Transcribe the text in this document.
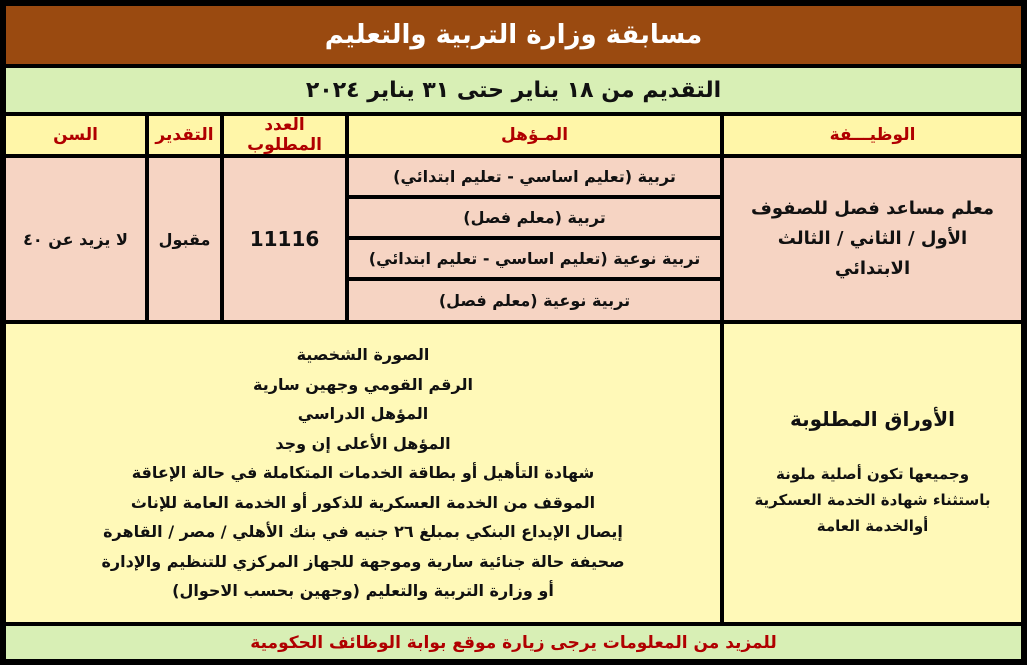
مسابقة وزارة التربية والتعليم
التقديم من ١٨ يناير حتى ٣١ يناير ٢٠٢٤
الوظيـــفة
المـؤهل
العدد المطلوب
التقدير
السن
معلم مساعد فصل للصفوف الأول / الثاني / الثالث الابتدائي
تربية (تعليم اساسي - تعليم ابتدائي)
تربية (معلم فصل)
تربية نوعية (تعليم اساسي - تعليم ابتدائي)
تربية نوعية (معلم فصل)
11116
مقبول
لا يزيد عن ٤٠
الأوراق المطلوبة
وجميعها تكون أصلية ملونة
باستثناء شهادة الخدمة العسكرية
أوالخدمة العامة
الصورة الشخصية
الرقم القومي وجهين سارية
المؤهل الدراسي
المؤهل الأعلى إن وجد
شهادة التأهيل أو بطاقة الخدمات المتكاملة في حالة الإعاقة
الموقف من الخدمة العسكرية للذكور أو الخدمة العامة للإناث
إيصال الإيداع البنكي بمبلغ ٢٦ جنيه في بنك الأهلي / مصر / القاهرة
صحيفة حالة جنائية سارية وموجهة للجهاز المركزي للتنظيم والإدارة
أو وزارة التربية والتعليم (وجهين بحسب الاحوال)
للمزيد من المعلومات يرجى زيارة موقع بوابة الوظائف الحكومية
